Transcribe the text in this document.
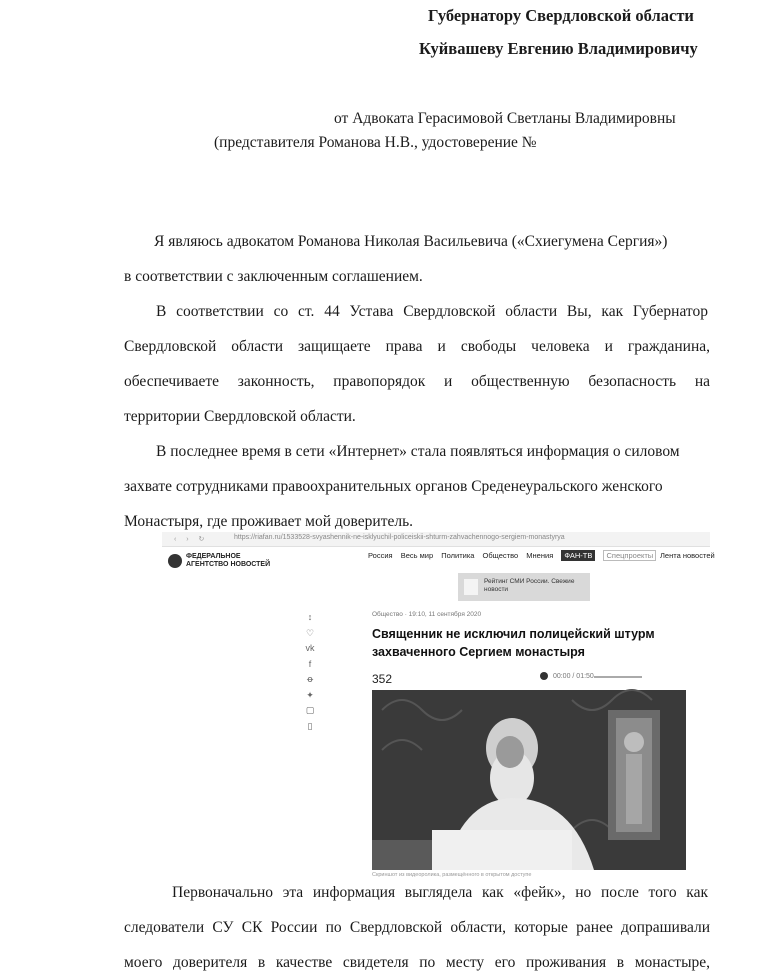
Губернатору Свердловской области
Куйвашеву Евгению Владимировичу
от Адвоката Герасимовой Светланы Владимировны
(представителя Романова Н.В., удостоверение №
Я являюсь адвокатом Романова Николая Васильевича («Схиегумена Сергия»)
в соответствии с заключенным соглашением.
В соответствии со ст. 44 Устава Свердловской области Вы, как Губернатор
Свердловской области защищаете права и свободы человека и гражданина,
обеспечиваете законность, правопорядок и общественную безопасность на
территории Свердловской области.
В последнее время в сети «Интернет» стала появляться информация о силовом
захвате сотрудниками правоохранительных органов Среденеуральского женского
Монастыря, где проживает мой доверитель.
‹ › ↻	https://riafan.ru/1533528-svyashennik-ne-isklyuchil-policeiskii-shturm-zahvachennogo-sergiem-monastyrya
ФЕДЕРАЛЬНОЕ
АГЕНТСТВО НОВОСТЕЙ
Россия Весь мир Политика Общество Мнения ФАН-ТВ Спецпроекты Лента новостей
Рейтинг СМИ России. Свежие новости
↕
♡
vk
f
ꝋ
✦
▢
▯
Общество · 19:10, 11 сентября 2020
Священник не исключил полицейский штурм захваченного Сергием монастыря
352	00:00 / 01:50
Скриншот из видеоролика, размещённого в открытом доступе
Первоначально эта информация выглядела как «фейк», но после того как
следователи СУ СК России по Свердловской области, которые ранее допрашивали
моего доверителя в качестве свидетеля по месту его проживания в монастыре,
